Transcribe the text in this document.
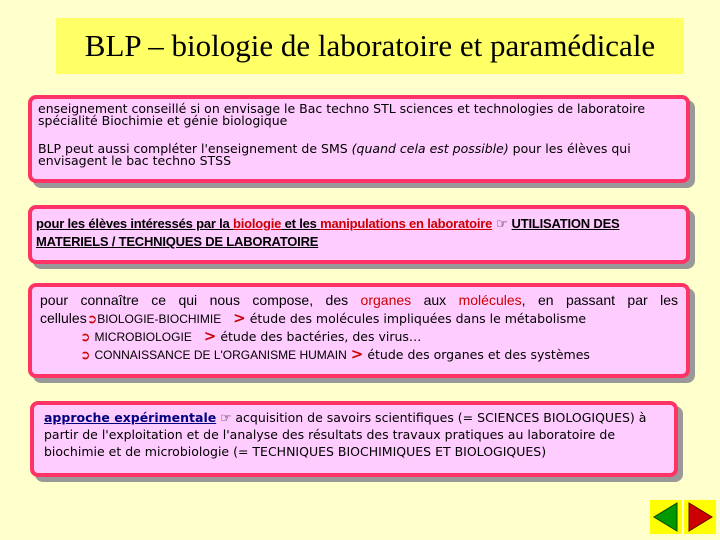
BLP – biologie de laboratoire et paramédicale

enseignement conseillé si on envisage le Bac techno STL sciences et technologies de laboratoire spécialité Biochimie et génie biologique

BLP peut aussi compléter l'enseignement de SMS (quand cela est possible) pour les élèves qui envisagent le bac techno STSS

pour les élèves intéressés par la biologie et les manipulations en laboratoire ☞ UTILISATION DES MATERIELS / TECHNIQUES DE LABORATOIRE
pour connaître ce qui nous compose, des organes aux molécules, en passant par les
cellules➲BIOLOGIE-BIOCHIMIE > étude des molécules impliquées dans le métabolisme
➲ MICROBIOLOGIE > étude des bactéries, des virus…
➲ CONNAISSANCE DE L'ORGANISME HUMAIN > étude des organes et des systèmes

approche expérimentale ☞ acquisition de savoirs scientifiques (= SCIENCES BIOLOGIQUES) à partir de l'exploitation et de l'analyse des résultats des travaux pratiques au laboratoire de biochimie et de microbiologie (= TECHNIQUES BIOCHIMIQUES ET BIOLOGIQUES)
